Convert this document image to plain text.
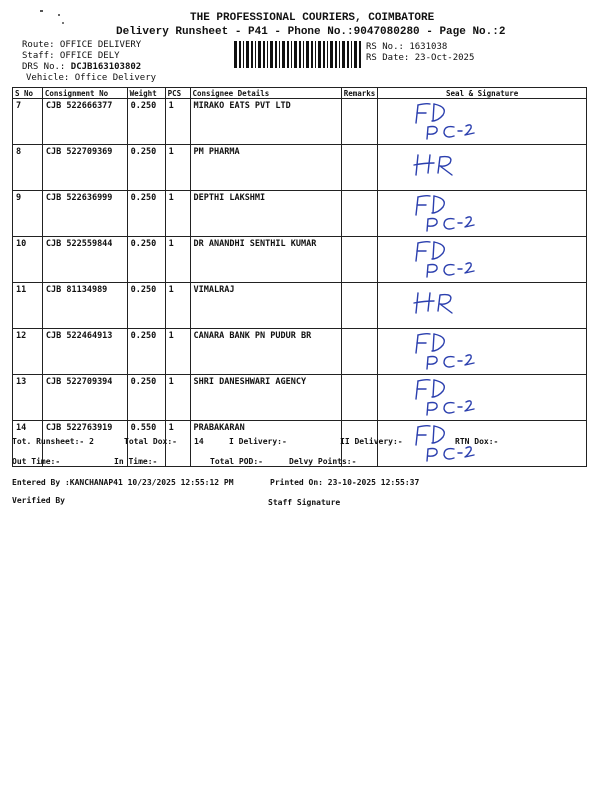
THE PROFESSIONAL COURIERS, COIMBATORE
Delivery Runsheet - P41 - Phone No.:9047080280 - Page No.:2
Route: OFFICE DELIVERY
Staff: OFFICE DELY
DRS No.: DCJB163103802
Vehicle: Office Delivery
RS No.: 1631038
RS Date: 23-Oct-2025
S No	Consignment No	Weight	PCS	Consignee Details	Remarks	Seal & Signature
7	CJB 522666377	0.250	1	MIRAKO EATS PVT LTD		

8	CJB 522709369	0.250	1	PM PHARMA		

9	CJB 522636999	0.250	1	DEPTHI LAKSHMI		

10	CJB 522559844	0.250	1	DR ANANDHI SENTHIL KUMAR		

11	CJB 81134989	0.250	1	VIMALRAJ		

12	CJB 522464913	0.250	1	CANARA BANK PN PUDUR BR		

13	CJB 522709394	0.250	1	SHRI DANESHWARI AGENCY		

14	CJB 522763919	0.550	1	PRABAKARAN		
Tot. Runsheet:- 2	Total Dox:- 14	I Delivery:-	II Delivery:-	RTN Dox:-
Out Time:-	In Time:-	Total POD:-	Delvy Points:-
Entered By :KANCHANAP41 10/23/2025 12:55:12 PM	Printed On: 23-10-2025 12:55:37
Verified By	Staff Signature
